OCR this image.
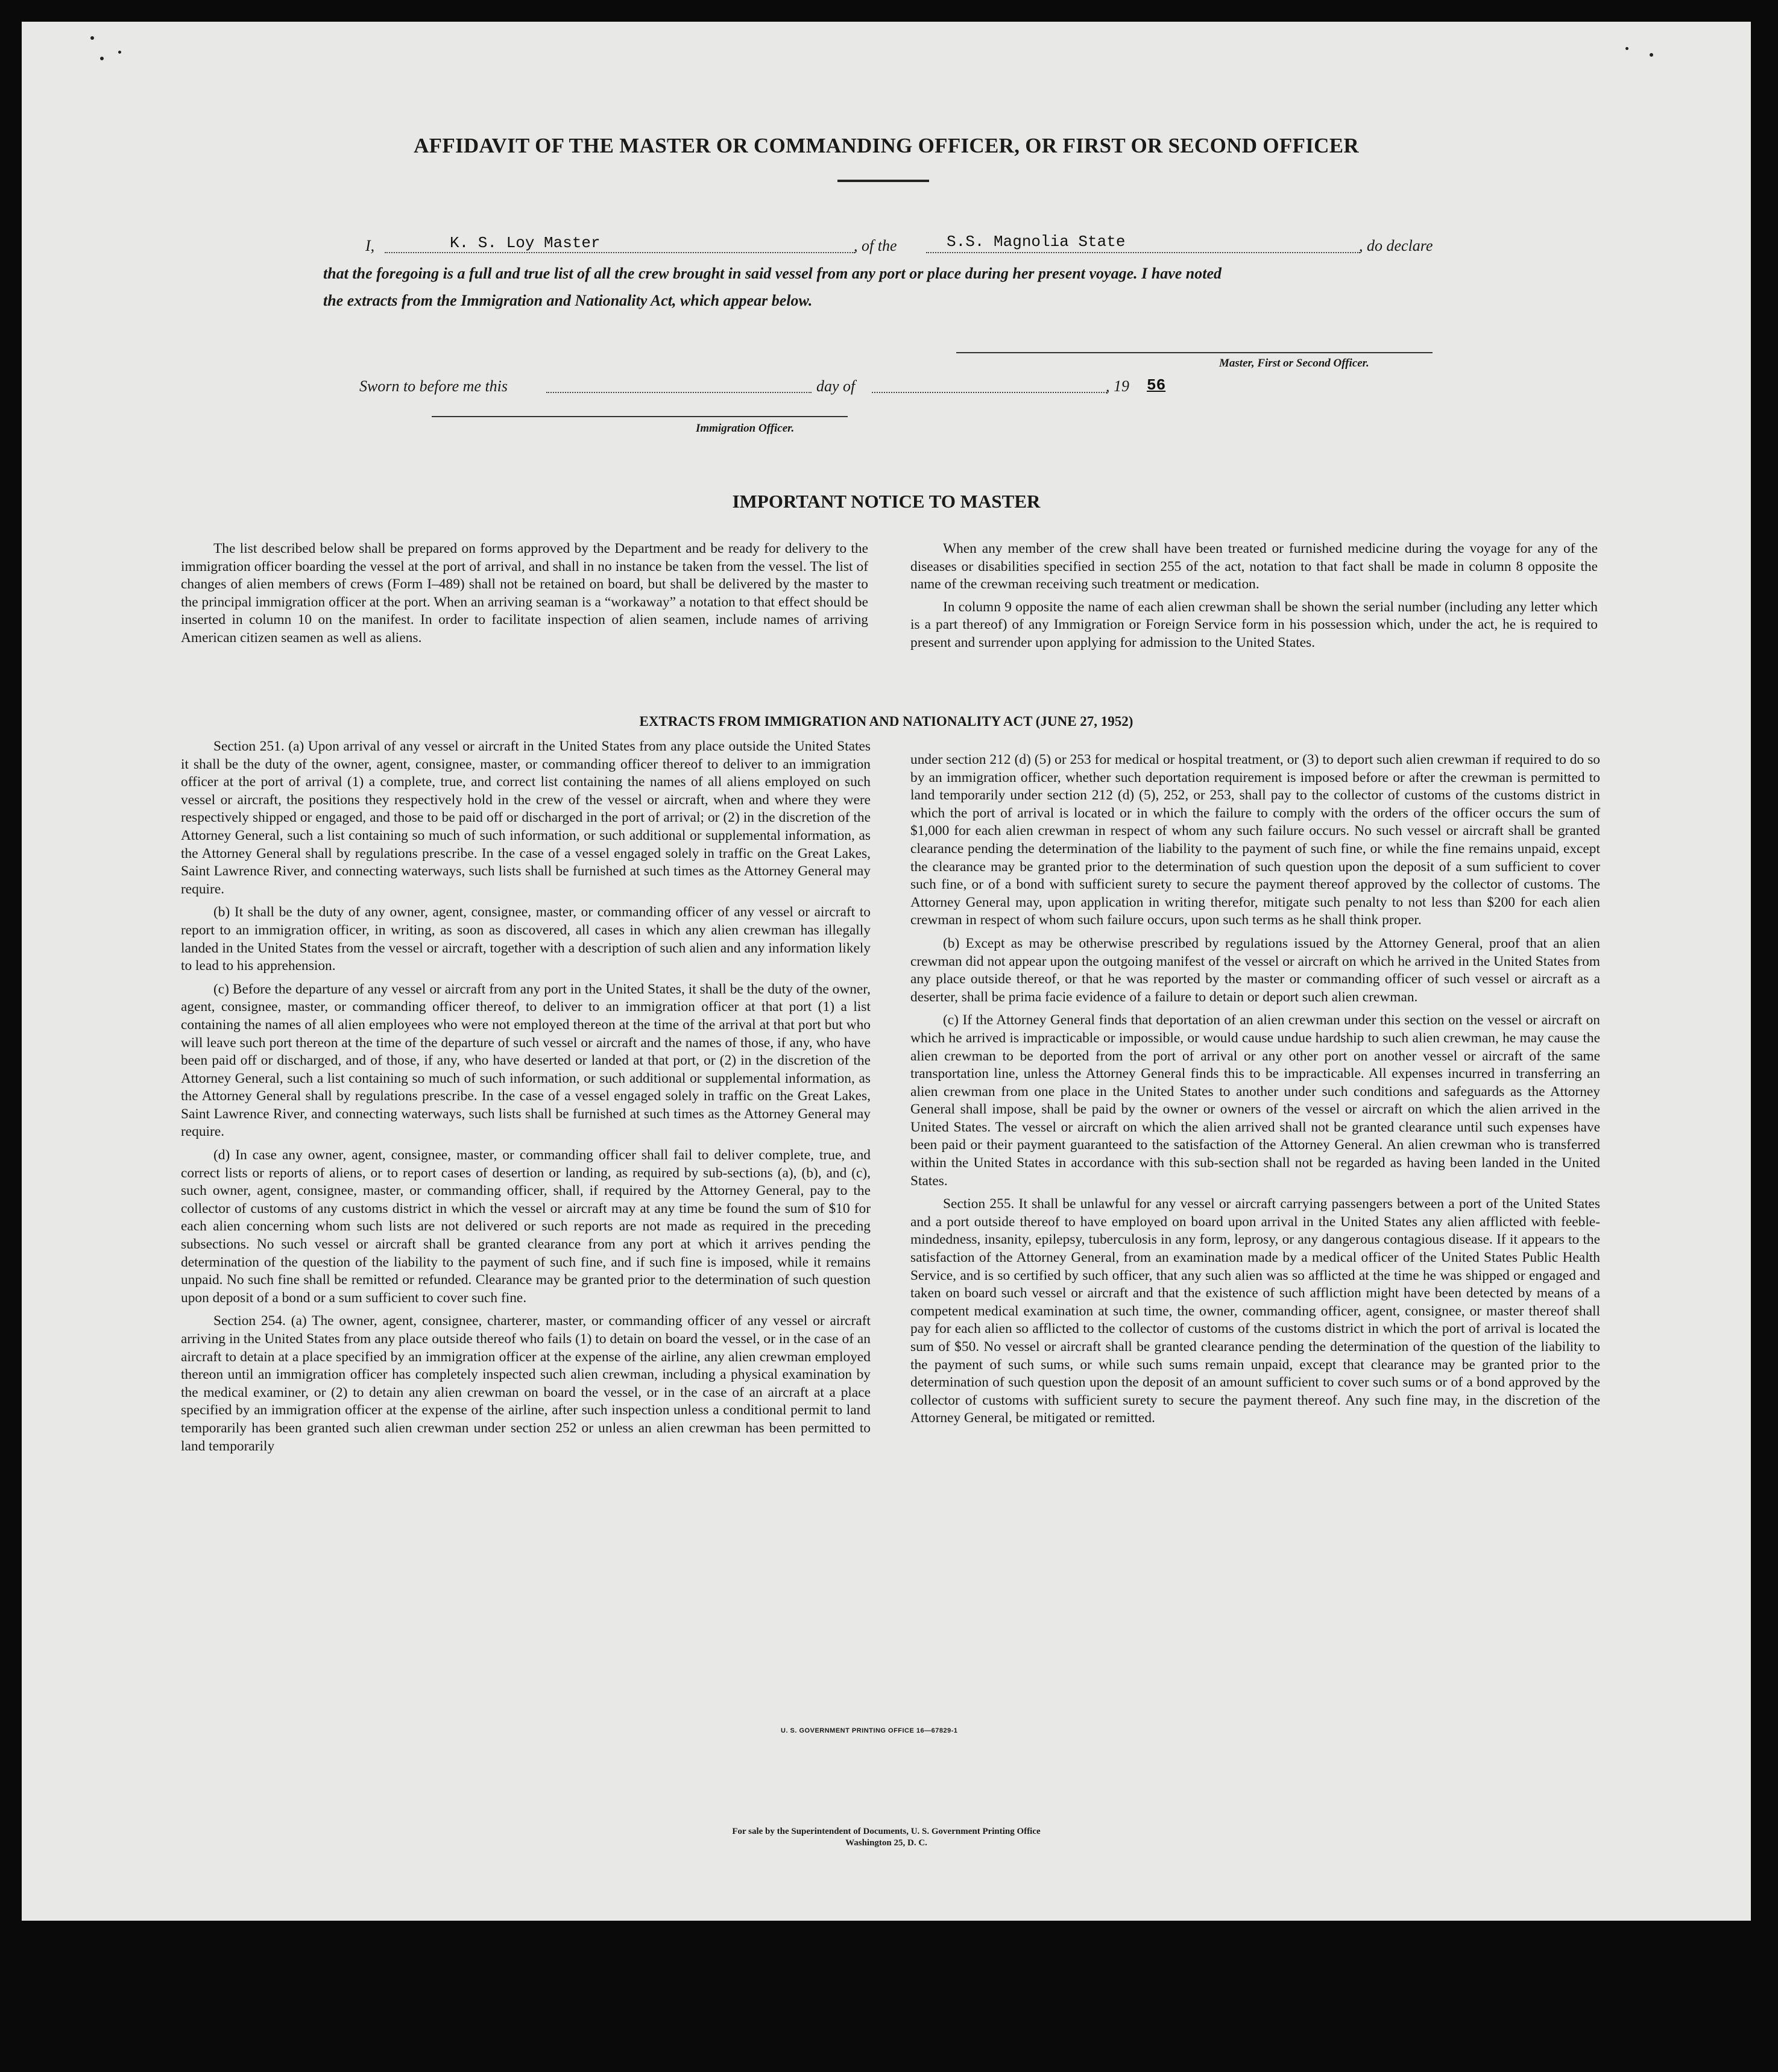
AFFIDAVIT OF THE MASTER OR COMMANDING OFFICER, OR FIRST OR SECOND OFFICER
I,	K. S. Loy Master	, of the	S.S. Magnolia State	, do declare
that the foregoing is a full and true list of all the crew brought in said vessel from any port or place during her present voyage. I have noted
the extracts from the Immigration and Nationality Act, which appear below.
Master, First or Second Officer.
Sworn to before me this	day of	, 19 56
Immigration Officer.
IMPORTANT NOTICE TO MASTER

The list described below shall be prepared on forms approved by the Department and be ready for delivery to the immigration officer boarding the vessel at the port of arrival, and shall in no instance be taken from the vessel. The list of changes of alien members of crews (Form I–489) shall not be retained on board, but shall be delivered by the master to the principal immigration officer at the port. When an arriving seaman is a “workaway” a notation to that effect should be inserted in column 10 on the manifest. In order to facilitate inspection of alien seamen, include names of arriving American citizen seamen as well as aliens.

When any member of the crew shall have been treated or furnished medicine during the voyage for any of the diseases or disabilities specified in section 255 of the act, notation to that fact shall be made in column 8 opposite the name of the crewman receiving such treatment or medication.

In column 9 opposite the name of each alien crewman shall be shown the serial number (including any letter which is a part thereof) of any Immigration or Foreign Service form in his possession which, under the act, he is required to present and surrender upon applying for admission to the United States.

EXTRACTS FROM IMMIGRATION AND NATIONALITY ACT (JUNE 27, 1952)

Section 251. (a) Upon arrival of any vessel or aircraft in the United States from any place outside the United States it shall be the duty of the owner, agent, consignee, master, or commanding officer thereof to deliver to an immigration officer at the port of arrival (1) a complete, true, and correct list containing the names of all aliens employed on such vessel or aircraft, the positions they respectively hold in the crew of the vessel or aircraft, when and where they were respectively shipped or engaged, and those to be paid off or discharged in the port of arrival; or (2) in the discretion of the Attorney General, such a list containing so much of such information, or such additional or supplemental information, as the Attorney General shall by regulations prescribe. In the case of a vessel engaged solely in traffic on the Great Lakes, Saint Lawrence River, and connecting waterways, such lists shall be furnished at such times as the Attorney General may require.

(b) It shall be the duty of any owner, agent, consignee, master, or commanding officer of any vessel or aircraft to report to an immigration officer, in writing, as soon as discovered, all cases in which any alien crewman has illegally landed in the United States from the vessel or aircraft, together with a description of such alien and any information likely to lead to his apprehension.

(c) Before the departure of any vessel or aircraft from any port in the United States, it shall be the duty of the owner, agent, consignee, master, or commanding officer thereof, to deliver to an immigration officer at that port (1) a list containing the names of all alien employees who were not employed thereon at the time of the arrival at that port but who will leave such port thereon at the time of the departure of such vessel or aircraft and the names of those, if any, who have been paid off or discharged, and of those, if any, who have deserted or landed at that port, or (2) in the discretion of the Attorney General, such a list containing so much of such information, or such additional or supplemental information, as the Attorney General shall by regulations prescribe. In the case of a vessel engaged solely in traffic on the Great Lakes, Saint Lawrence River, and connecting waterways, such lists shall be furnished at such times as the Attorney General may require.

(d) In case any owner, agent, consignee, master, or commanding officer shall fail to deliver complete, true, and correct lists or reports of aliens, or to report cases of desertion or landing, as required by sub-sections (a), (b), and (c), such owner, agent, consignee, master, or commanding officer, shall, if required by the Attorney General, pay to the collector of customs of any customs district in which the vessel or aircraft may at any time be found the sum of $10 for each alien concerning whom such lists are not delivered or such reports are not made as required in the preceding subsections. No such vessel or aircraft shall be granted clearance from any port at which it arrives pending the determination of the question of the liability to the payment of such fine, and if such fine is imposed, while it remains unpaid. No such fine shall be remitted or refunded. Clearance may be granted prior to the determination of such question upon deposit of a bond or a sum sufficient to cover such fine.

Section 254. (a) The owner, agent, consignee, charterer, master, or commanding officer of any vessel or aircraft arriving in the United States from any place outside thereof who fails (1) to detain on board the vessel, or in the case of an aircraft to detain at a place specified by an immigration officer at the expense of the airline, any alien crewman employed thereon until an immigration officer has completely inspected such alien crewman, including a physical examination by the medical examiner, or (2) to detain any alien crewman on board the vessel, or in the case of an aircraft at a place specified by an immigration officer at the expense of the airline, after such inspection unless a conditional permit to land temporarily has been granted such alien crewman under section 252 or unless an alien crewman has been permitted to land temporarily

under section 212 (d) (5) or 253 for medical or hospital treatment, or (3) to deport such alien crewman if required to do so by an immigration officer, whether such deportation requirement is imposed before or after the crewman is permitted to land temporarily under section 212 (d) (5), 252, or 253, shall pay to the collector of customs of the customs district in which the port of arrival is located or in which the failure to comply with the orders of the officer occurs the sum of $1,000 for each alien crewman in respect of whom any such failure occurs. No such vessel or aircraft shall be granted clearance pending the determination of the liability to the payment of such fine, or while the fine remains unpaid, except the clearance may be granted prior to the determination of such question upon the deposit of a sum sufficient to cover such fine, or of a bond with sufficient surety to secure the payment thereof approved by the collector of customs. The Attorney General may, upon application in writing therefor, mitigate such penalty to not less than $200 for each alien crewman in respect of whom such failure occurs, upon such terms as he shall think proper.

(b) Except as may be otherwise prescribed by regulations issued by the Attorney General, proof that an alien crewman did not appear upon the outgoing manifest of the vessel or aircraft on which he arrived in the United States from any place outside thereof, or that he was reported by the master or commanding officer of such vessel or aircraft as a deserter, shall be prima facie evidence of a failure to detain or deport such alien crewman.

(c) If the Attorney General finds that deportation of an alien crewman under this section on the vessel or aircraft on which he arrived is impracticable or impossible, or would cause undue hardship to such alien crewman, he may cause the alien crewman to be deported from the port of arrival or any other port on another vessel or aircraft of the same transportation line, unless the Attorney General finds this to be impracticable. All expenses incurred in transferring an alien crewman from one place in the United States to another under such conditions and safeguards as the Attorney General shall impose, shall be paid by the owner or owners of the vessel or aircraft on which the alien arrived in the United States. The vessel or aircraft on which the alien arrived shall not be granted clearance until such expenses have been paid or their payment guaranteed to the satisfaction of the Attorney General. An alien crewman who is transferred within the United States in accordance with this sub-section shall not be regarded as having been landed in the United States.

Section 255. It shall be unlawful for any vessel or aircraft carrying passengers between a port of the United States and a port outside thereof to have employed on board upon arrival in the United States any alien afflicted with feeble-mindedness, insanity, epilepsy, tuberculosis in any form, leprosy, or any dangerous contagious disease. If it appears to the satisfaction of the Attorney General, from an examination made by a medical officer of the United States Public Health Service, and is so certified by such officer, that any such alien was so afflicted at the time he was shipped or engaged and taken on board such vessel or aircraft and that the existence of such affliction might have been detected by means of a competent medical examination at such time, the owner, commanding officer, agent, consignee, or master thereof shall pay for each alien so afflicted to the collector of customs of the customs district in which the port of arrival is located the sum of $50. No vessel or aircraft shall be granted clearance pending the determination of the question of the liability to the payment of such sums, or while such sums remain unpaid, except that clearance may be granted prior to the determination of such question upon the deposit of an amount sufficient to cover such sums or of a bond approved by the collector of customs with sufficient surety to secure the payment thereof. Any such fine may, in the discretion of the Attorney General, be mitigated or remitted.

U. S. GOVERNMENT PRINTING OFFICE 16—67829-1
For sale by the Superintendent of Documents, U. S. Government Printing Office
Washington 25, D. C.
